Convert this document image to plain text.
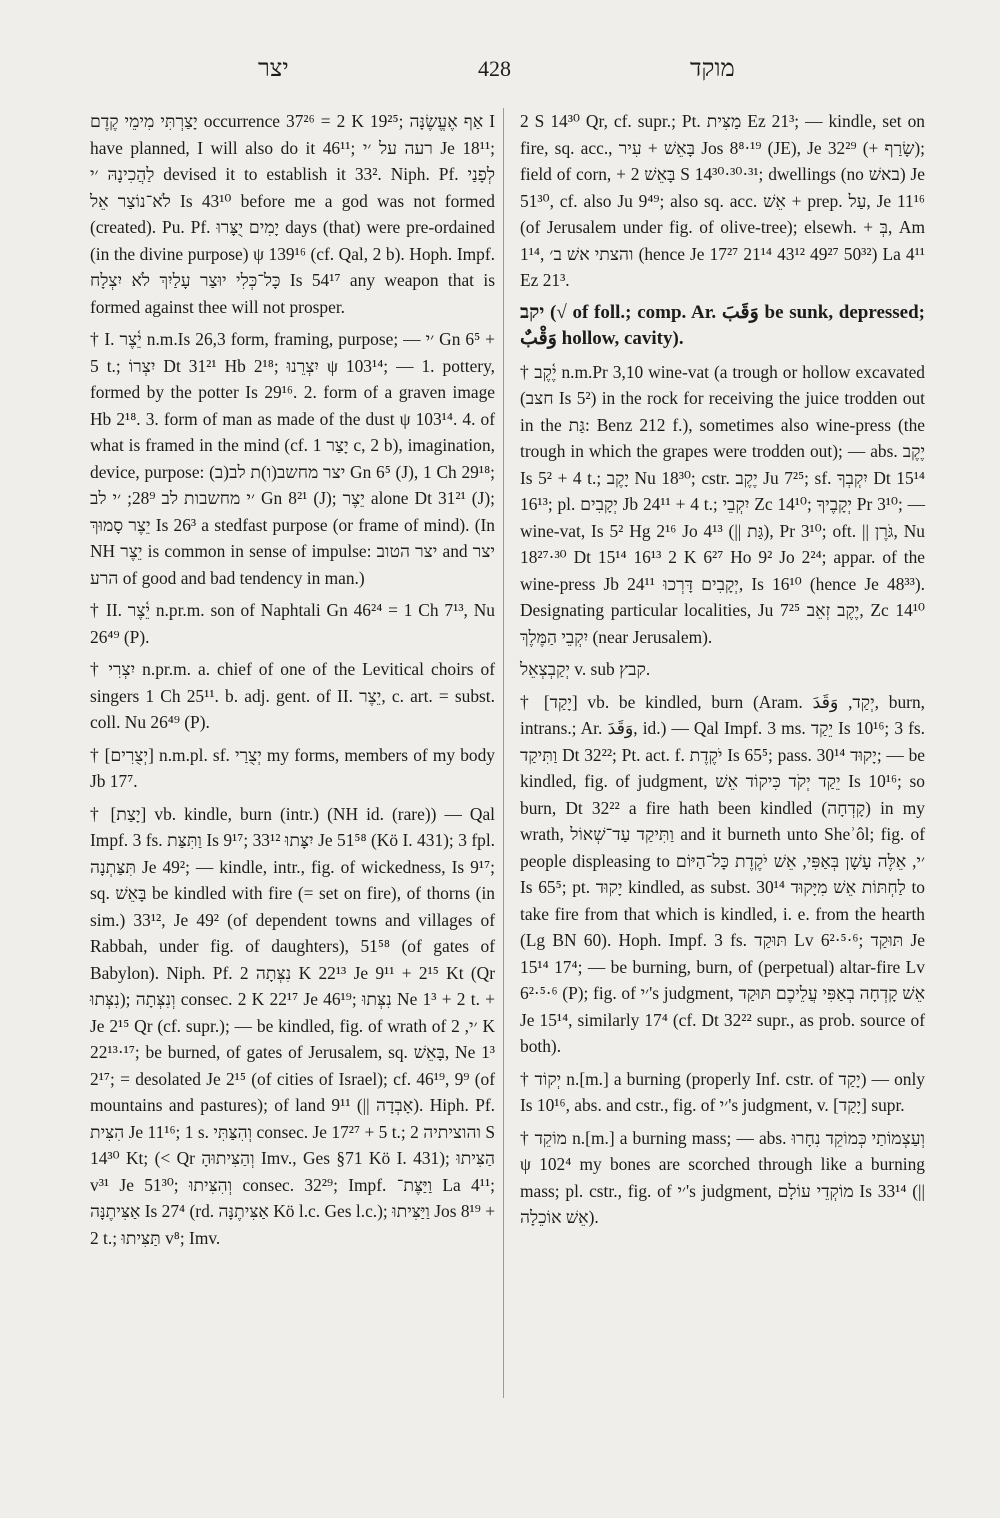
יצר	428	מוקד

יָצַרְתִּי מִימֵי קֶדֶם occurrence 37²⁶ = 2 K 19²⁵; אַף אֶעֱשֶׂנָּה I have planned, I will also do it 46¹¹; רעה על ׳י Je 18¹¹; לַהֲכִינָהּ ׳י devised it to establish it 33². Niph. Pf. לְפָנַי לֹא־נוֹצַר אֵל Is 43¹⁰ before me a god was not formed (created). Pu. Pf. יָמִים יֻצָּרוּ days (that) were pre-ordained (in the divine purpose) ψ 139¹⁶ (cf. Qal, 2 b). Hoph. Impf. כָּל־כְּלִי יוּצַר עָלַיִךְ לֹא יִצְלָח Is 54¹⁷ any weapon that is formed against thee will not prosper.

† I. יֵ֫צֶר n.m.Is 26,3 form, framing, purpose; — ׳י Gn 6⁵ + 5 t.; יִצְרוֹ Dt 31²¹ Hb 2¹⁸; יִצְרֵנוּ ψ 103¹⁴; — 1. pottery, formed by the potter Is 29¹⁶. 2. form of a graven image Hb 2¹⁸. 3. form of man as made of the dust ψ 103¹⁴. 4. of what is framed in the mind (cf. יָצַר 1 c, 2 b), imagination, device, purpose: יצר מחשב(ו)ת לב(ב) Gn 6⁵ (J), 1 Ch 29¹⁸; ׳י מחשבות לב 28⁹; ׳י לב Gn 8²¹ (J); יֵצֶר alone Dt 31²¹ (J); יֵצֶר סָמוּךְ Is 26³ a stedfast purpose (or frame of mind). (In NH יֵצֶר is common in sense of impulse: יצר הטוב and יצר הרע of good and bad tendency in man.)

† II. יֵ֫צֶר n.pr.m. son of Naphtali Gn 46²⁴ = 1 Ch 7¹³, Nu 26⁴⁹ (P).

† יִצְרִי n.pr.m. a. chief of one of the Levitical choirs of singers 1 Ch 25¹¹. b. adj. gent. of II. יֵצֶר, c. art. = subst. coll. Nu 26⁴⁹ (P).

† [יְצֻרִים] n.m.pl. sf. יְצֻרַי my forms, members of my body Jb 17⁷.

† [יָצַת] vb. kindle, burn (intr.) (NH id. (rare)) — Qal Impf. 3 fs. וַתִּצַּת Is 9¹⁷; יִצָּתוּ 33¹² Je 51⁵⁸ (Kö I. 431); 3 fpl. תִּצַּתְנָה Je 49²; — kindle, intr., fig. of wickedness, Is 9¹⁷; sq. בָּאֵשׁ be kindled with fire (= set on fire), of thorns (in sim.) 33¹², Je 49² (of dependent towns and villages of Rabbah, under fig. of daughters), 51⁵⁸ (of gates of Babylon). Niph. Pf. נִצְּתָה 2 K 22¹³ Je 9¹¹ + 2¹⁵ Kt (Qr נִצְּתוּ); וְנִצְּתָה consec. 2 K 22¹⁷ Je 46¹⁹; נִצְּתוּ Ne 1³ + 2 t. + Je 2¹⁵ Qr (cf. supr.); — be kindled, fig. of wrath of ׳י, 2 K 22¹³·¹⁷; be burned, of gates of Jerusalem, sq. בָּאֵשׁ, Ne 1³ 2¹⁷; = desolated Je 2¹⁵ (of cities of Israel); cf. 46¹⁹, 9⁹ (of mountains and pastures); of land 9¹¹ (|| אָבְדָה). Hiph. Pf. הִצִּית Je 11¹⁶; 1 s. וְהִצַּתִּי consec. Je 17²⁷ + 5 t.; והוציתיה 2 S 14³⁰ Kt; (< Qr וְהַצִּיתוּהָ Imv., Ges §71 Kö I. 431); הַצִּיתוּ v³¹ Je 51³⁰; וְהִצִּיתוּ consec. 32²⁹; Impf. וַיַּצֶּת־ La 4¹¹; אַצִּיתֶנָּה Is 27⁴ (rd. אַצִּיתֶנָּה Kö l.c. Ges l.c.); וַיַּצִּיתוּ Jos 8¹⁹ + 2 t.; תַּצִּיתוּ v⁸; Imv.

2 S 14³⁰ Qr, cf. supr.; Pt. מַצִּית Ez 21³; — kindle, set on fire, sq. acc., בָּאֵשׁ + עִיר Jos 8⁸·¹⁹ (JE), Je 32²⁹ (+ שָׂרַף); field of corn, + בָּאֵשׁ 2 S 14³⁰·³⁰·³¹; dwellings (no באשׁ) Je 51³⁰, cf. also Ju 9⁴⁹; also sq. acc. אֵשׁ + prep. עַל, Je 11¹⁶ (of Jerusalem under fig. of olive-tree); elsewh. + בְּ, Am 1¹⁴, והצתי אשׁ ב׳ (hence Je 17²⁷ 21¹⁴ 43¹² 49²⁷ 50³²) La 4¹¹ Ez 21³.

יקב (√ of foll.; comp. Ar. وَقَبَ be sunk, depressed; وَقْبٌ hollow, cavity).

† יֶ֫קֶב n.m.Pr 3,10 wine-vat (a trough or hollow excavated (חצב Is 5²) in the rock for receiving the juice trodden out in the גַּת: Benz 212 f.), sometimes also wine-press (the trough in which the grapes were trodden out); — abs. יֶקֶב Is 5² + 4 t.; יָקֶב Nu 18³⁰; cstr. יֶקֶב Ju 7²⁵; sf. יִקְבְךָ Dt 15¹⁴ 16¹³; pl. יְקָבִים Jb 24¹¹ + 4 t.; יִקְבֵי Zc 14¹⁰; יְקָבֶיךָ Pr 3¹⁰; — wine-vat, Is 5² Hg 2¹⁶ Jo 4¹³ (|| גַּת), Pr 3¹⁰; oft. || גֹּרֶן, Nu 18²⁷·³⁰ Dt 15¹⁴ 16¹³ 2 K 6²⁷ Ho 9² Jo 2²⁴; appar. of the wine-press Jb 24¹¹ יְקָבִים דָּרְכוּ, Is 16¹⁰ (hence Je 48³³). Designating particular localities, Ju 7²⁵ יֶקֶב זְאֵב, Zc 14¹⁰ יִקְבֵי הַמֶּלֶךְ (near Jerusalem).

יְקַבְצְאֵל v. sub קבץ.

† [יָקַד] vb. be kindled, burn (Aram. יְקַד, وَقَدَ, burn, intrans.; Ar. وَقَدَ, id.) — Qal Impf. 3 ms. יֵקַד Is 10¹⁶; 3 fs. וַתִּיקַד Dt 32²²; Pt. act. f. יֹקֶדֶת Is 65⁵; pass. יָקוּד 30¹⁴; — be kindled, fig. of judgment, יֵקַד יְקֹד כִּיקוֹד אֵשׁ Is 10¹⁶; so burn, Dt 32²² a fire hath been kindled (קָדְחָה) in my wrath, וַתִּיקַד עַד־שְׁאוֹל and it burneth unto Sheʾôl; fig. of people displeasing to ׳י, אֵלֶּה עָשָׁן בְּאַפִּי, אֵשׁ יֹקֶדֶת כָּל־הַיּוֹם Is 65⁵; pt. יָקוּד kindled, as subst. לַחְתּוֹת אֵשׁ מִיָּקוּד 30¹⁴ to take fire from that which is kindled, i. e. from the hearth (Lg BN 60). Hoph. Impf. 3 fs. תּוּקַד Lv 6²·⁵·⁶; תּוּקַד Je 15¹⁴ 17⁴; — be burning, burn, of (perpetual) altar-fire Lv 6²·⁵·⁶ (P); fig. of ׳י's judgment, אֵשׁ קָדְחָה בְאַפִּי עֲלֵיכֶם תּוּקַד Je 15¹⁴, similarly 17⁴ (cf. Dt 32²² supr., as prob. source of both).

† יְקוֹד n.[m.] a burning (properly Inf. cstr. of יָקַד) — only Is 10¹⁶, abs. and cstr., fig. of ׳י's judgment, v. [יָקַד] supr.

† מוֹקֵד n.[m.] a burning mass; — abs. וְעַצְמוֹתַי כְּמוֹקֵד נִחָרוּ ψ 102⁴ my bones are scorched through like a burning mass; pl. cstr., fig. of ׳י's judgment, מוֹקְדֵי עוֹלָם Is 33¹⁴ (|| אֵשׁ אוֹכֵלָה).
